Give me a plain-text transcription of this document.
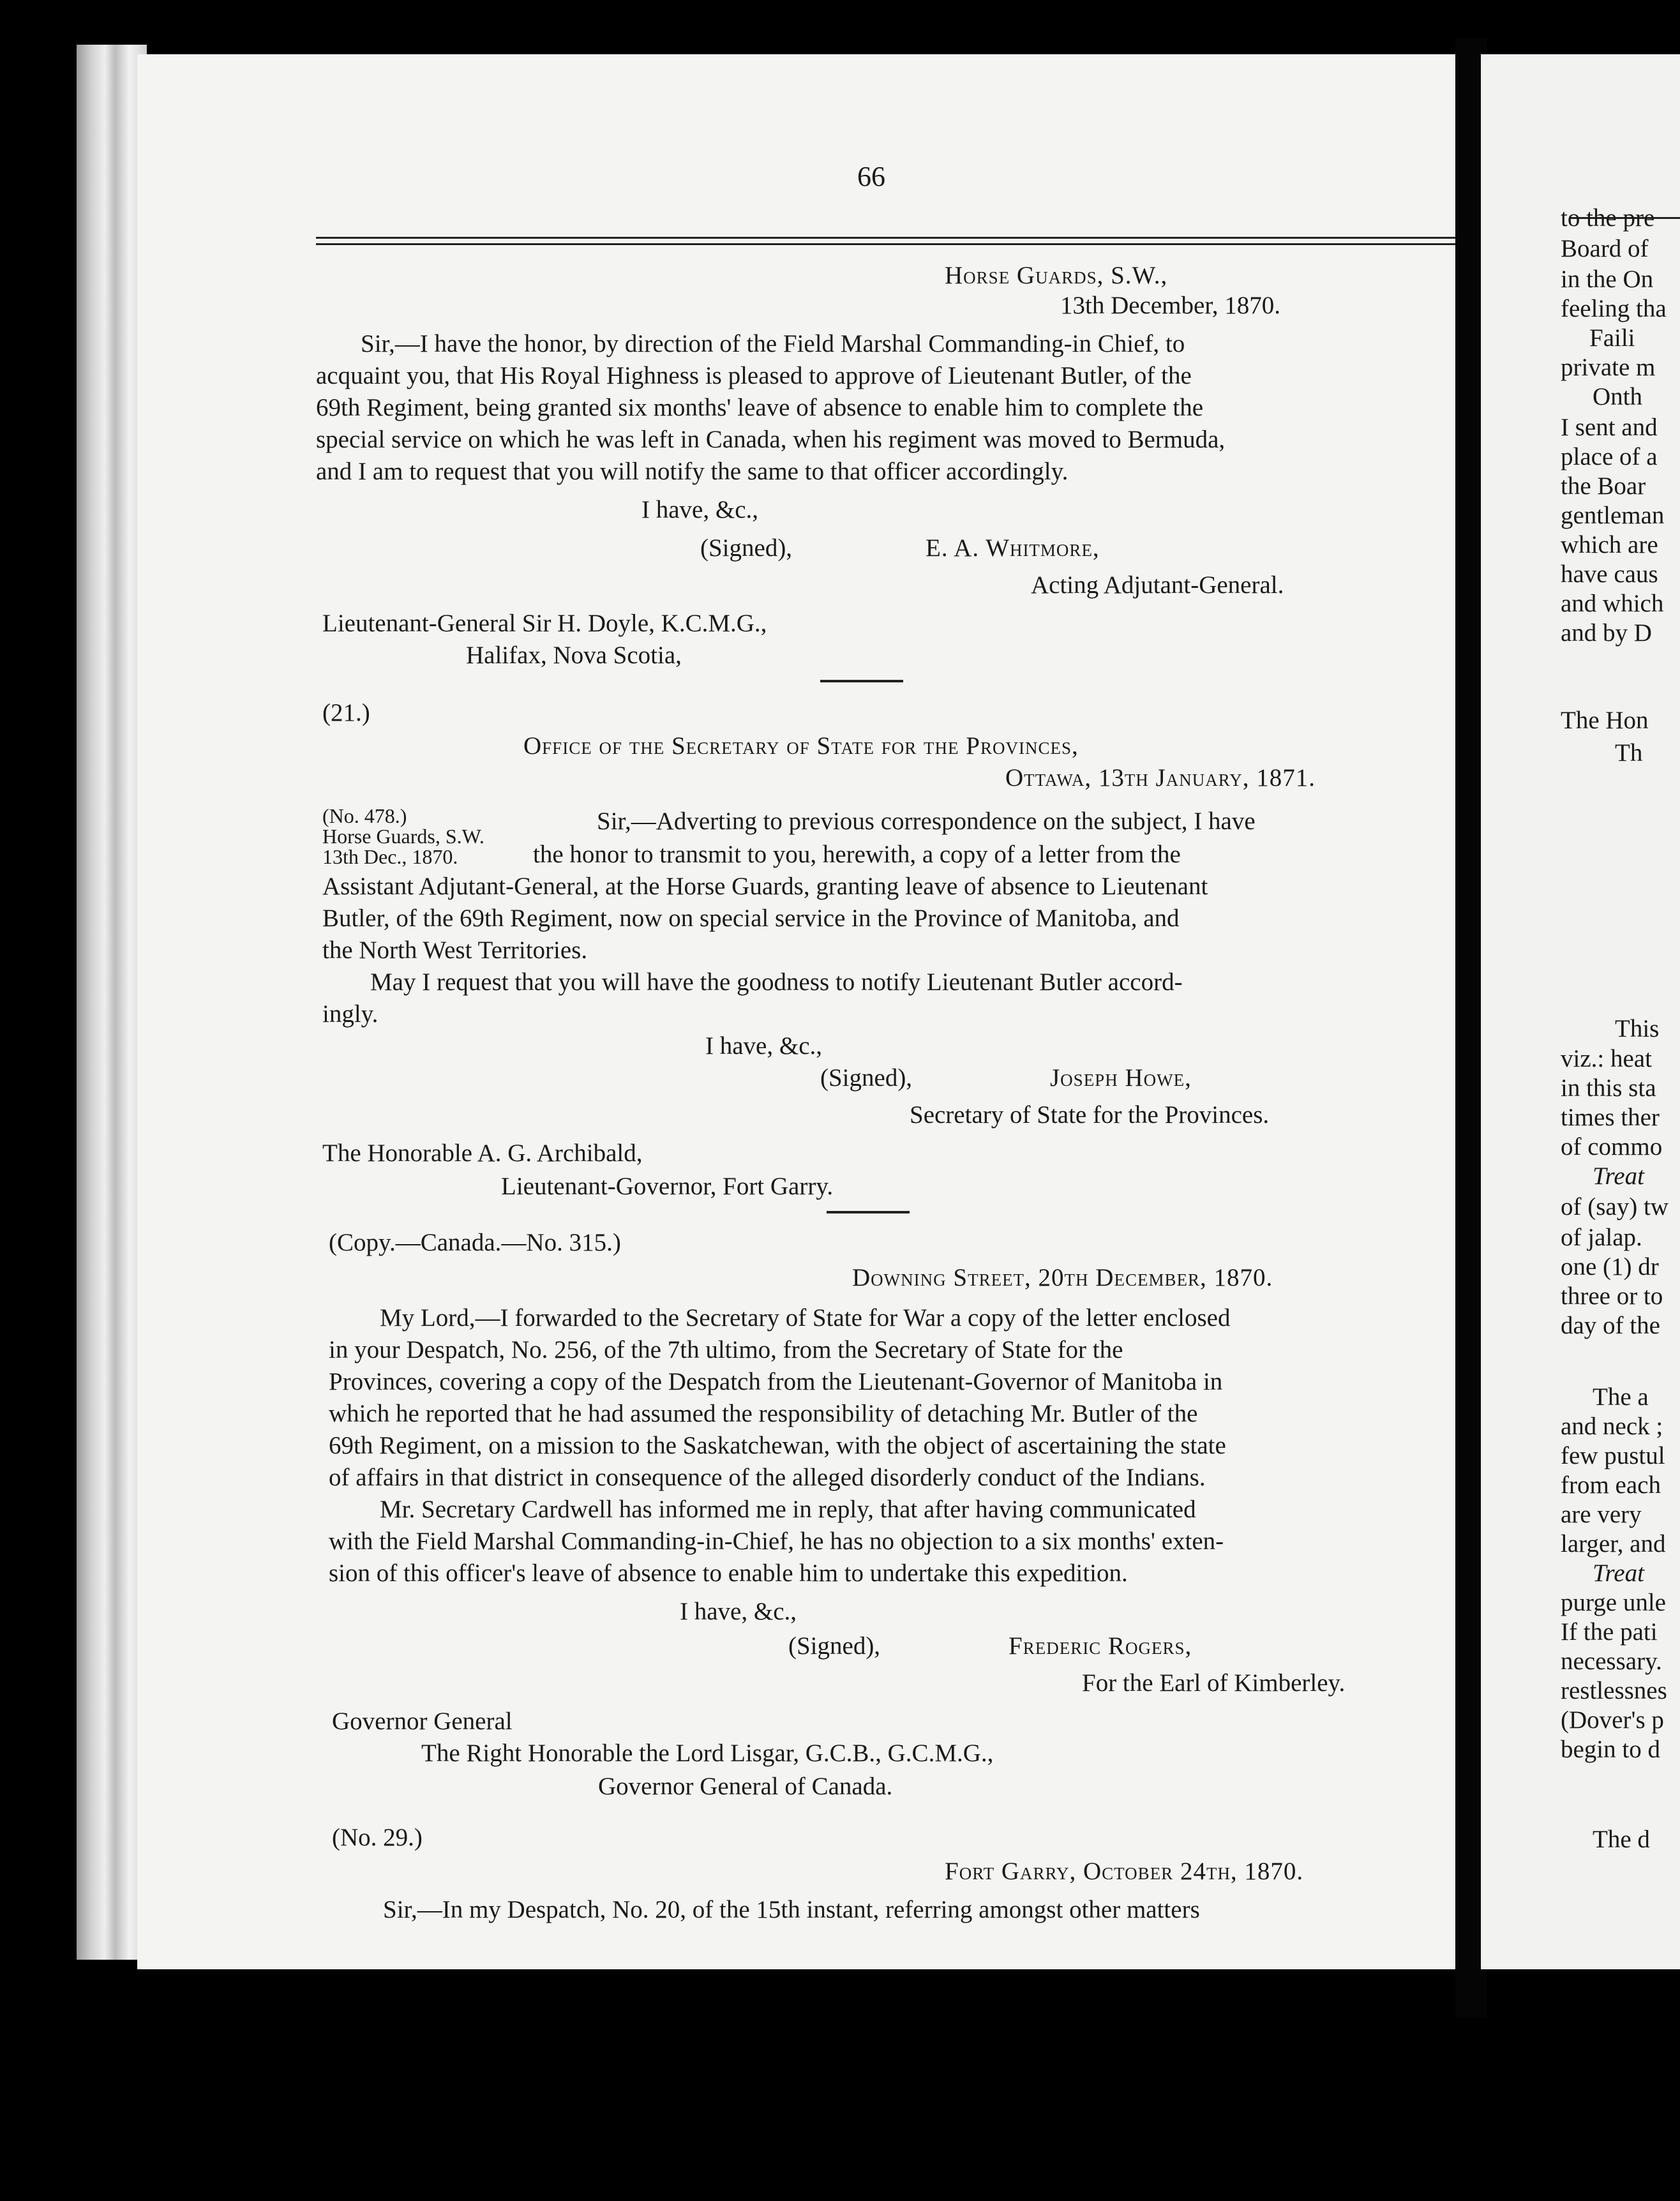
66
Horse Guards, S.W.,
13th December, 1870.
Sir,—I have the honor, by direction of the Field Marshal Commanding-in Chief, to
acquaint you, that His Royal Highness is pleased to approve of Lieutenant Butler, of the
69th Regiment, being granted six months' leave of absence to enable him to complete the
special service on which he was left in Canada, when his regiment was moved to Bermuda,
and I am to request that you will notify the same to that officer accordingly.
I have, &c.,
(Signed),	E. A. Whitmore,
Acting Adjutant-General.
Lieutenant-General Sir H. Doyle, K.C.M.G.,
Halifax, Nova Scotia,
(21.)
Office of the Secretary of State for the Provinces,
Ottawa, 13th January, 1871.
(No. 478.)
Horse Guards, S.W.
13th Dec., 1870.
Sir,—Adverting to previous correspondence on the subject, I have
the honor to transmit to you, herewith, a copy of a letter from the
Assistant Adjutant-General, at the Horse Guards, granting leave of absence to Lieutenant
Butler, of the 69th Regiment, now on special service in the Province of Manitoba, and
the North West Territories.
May I request that you will have the goodness to notify Lieutenant Butler accord-
ingly.
I have, &c.,
(Signed),	Joseph Howe,
Secretary of State for the Provinces.
The Honorable A. G. Archibald,
Lieutenant-Governor, Fort Garry.
(Copy.—Canada.—No. 315.)
Downing Street, 20th December, 1870.
My Lord,—I forwarded to the Secretary of State for War a copy of the letter enclosed
in your Despatch, No. 256, of the 7th ultimo, from the Secretary of State for the
Provinces, covering a copy of the Despatch from the Lieutenant-Governor of Manitoba in
which he reported that he had assumed the responsibility of detaching Mr. Butler of the
69th Regiment, on a mission to the Saskatchewan, with the object of ascertaining the state
of affairs in that district in consequence of the alleged disorderly conduct of the Indians.
Mr. Secretary Cardwell has informed me in reply, that after having communicated
with the Field Marshal Commanding-in-Chief, he has no objection to a six months' exten-
sion of this officer's leave of absence to enable him to undertake this expedition.
I have, &c.,
(Signed),	Frederic Rogers,
For the Earl of Kimberley.
Governor General
The Right Honorable the Lord Lisgar, G.C.B., G.C.M.G.,
Governor General of Canada.
(No. 29.)
Fort Garry, October 24th, 1870.
Sir,—In my Despatch, No. 20, of the 15th instant, referring amongst other matters
to the pre
Board of
in the On
feeling tha
Faili
private m
Onth
I sent and
place of a
the Boar
gentleman
which are
have caus
and which
and by D
The Hon
Th
This
viz.: heat
in this sta
times ther
of commo
Treat
of (say) tw
of jalap.
one (1) dr
three or to
day of the
The a
and neck ;
few pustul
from each
are very
larger, and
Treat
purge unle
If the pati
necessary.
restlessnes
(Dover's p
begin to d
The d
